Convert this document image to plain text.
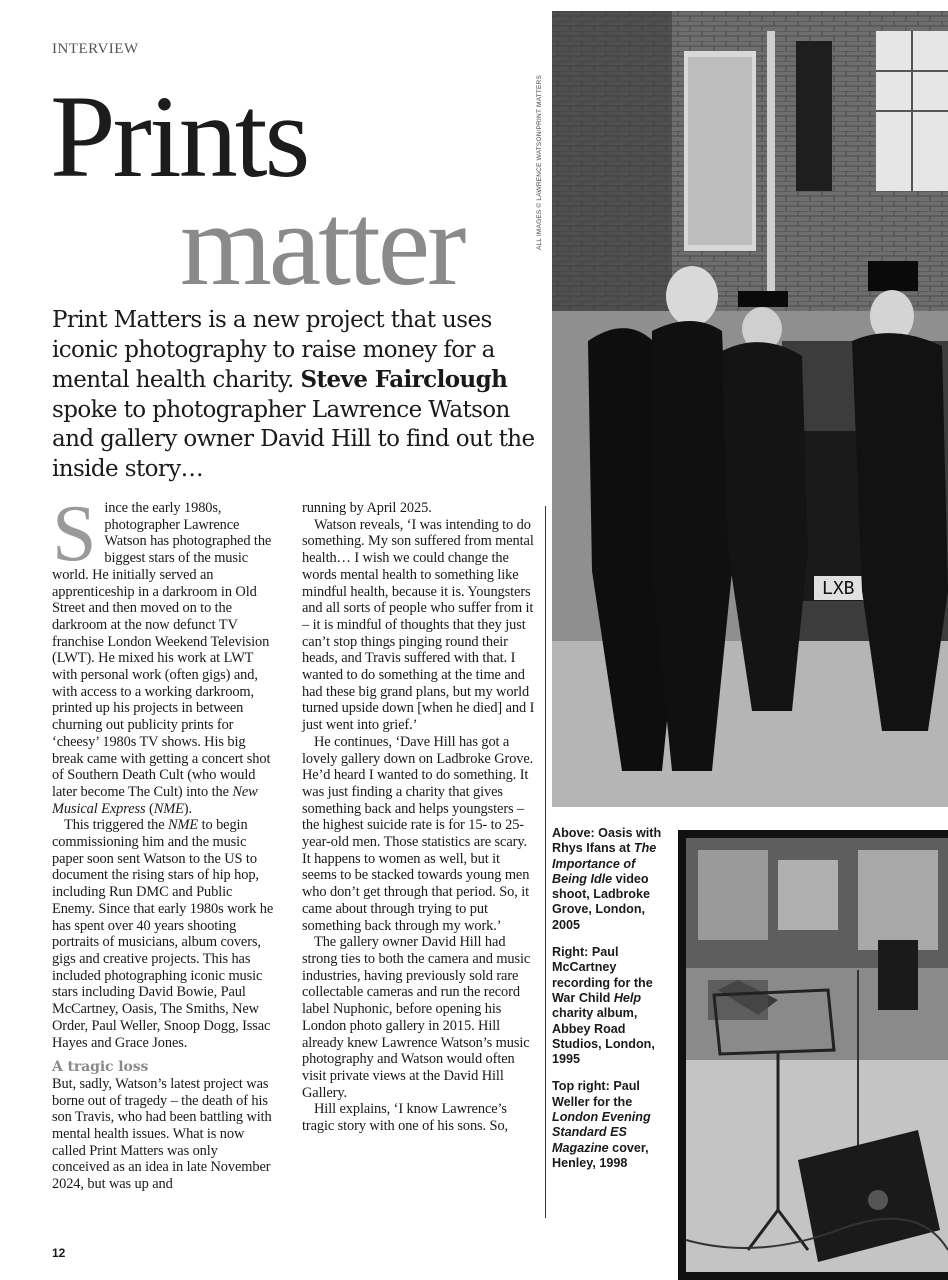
INTERVIEW
Prints
matter	ALL IMAGES © LAWRENCE WATSON/PRINT MATTERS
Print Matters is a new project that uses iconic photography to raise money for a mental health charity. Steve Fairclough spoke to photographer Lawrence Watson and gallery owner David Hill to find out the inside story…

Since the early 1980s, photographer Lawrence Watson has photographed the biggest stars of the music world. He initially served an apprenticeship in a darkroom in Old Street and then moved on to the darkroom at the now defunct TV franchise London Weekend Television (LWT). He mixed his work at LWT with personal work (often gigs) and, with access to a working darkroom, printed up his projects in between churning out publicity prints for ‘cheesy’ 1980s TV shows. His big break came with getting a concert shot of Southern Death Cult (who would later become The Cult) into the New Musical Express (NME).

This triggered the NME to begin commissioning him and the music paper soon sent Watson to the US to document the rising stars of hip hop, including Run DMC and Public Enemy. Since that early 1980s work he has spent over 40 years shooting portraits of musicians, album covers, gigs and creative projects. This has included photographing iconic music stars including David Bowie, Paul McCartney, Oasis, The Smiths, New Order, Paul Weller, Snoop Dogg, Issac Hayes and Grace Jones.

A tragic loss

But, sadly, Watson’s latest project was borne out of tragedy – the death of his son Travis, who had been battling with mental health issues. What is now called Print Matters was only conceived as an idea in late November 2024, but was up and

running by April 2025.

Watson reveals, ‘I was intending to do something. My son suffered from mental health… I wish we could change the words mental health to something like mindful health, because it is. Youngsters and all sorts of people who suffer from it – it is mindful of thoughts that they just can’t stop things pinging round their heads, and Travis suffered with that. I wanted to do something at the time and had these big grand plans, but my world turned upside down [when he died] and I just went into grief.’

He continues, ‘Dave Hill has got a lovely gallery down on Ladbroke Grove. He’d heard I wanted to do something. It was just finding a charity that gives something back and helps youngsters – the highest suicide rate is for 15- to 25-year-old men. Those statistics are scary. It happens to women as well, but it seems to be stacked towards young men who don’t get through that period. So, it came about through trying to put something back through my work.’

The gallery owner David Hill had strong ties to both the camera and music industries, having previously sold rare collectable cameras and run the record label Nuphonic, before opening his London photo gallery in 2015. Hill already knew Lawrence Watson’s music photography and Watson would often visit private views at the David Hill Gallery.

Hill explains, ‘I know Lawrence’s tragic story with one of his sons. So,

LXB

Above: Oasis with Rhys Ifans at The Importance of Being Idle video shoot, Ladbroke Grove, London, 2005

Right: Paul McCartney recording for the War Child Help charity album, Abbey Road Studios, London, 1995

Top right: Paul Weller for the London Evening Standard ES Magazine cover, Henley, 1998

12
